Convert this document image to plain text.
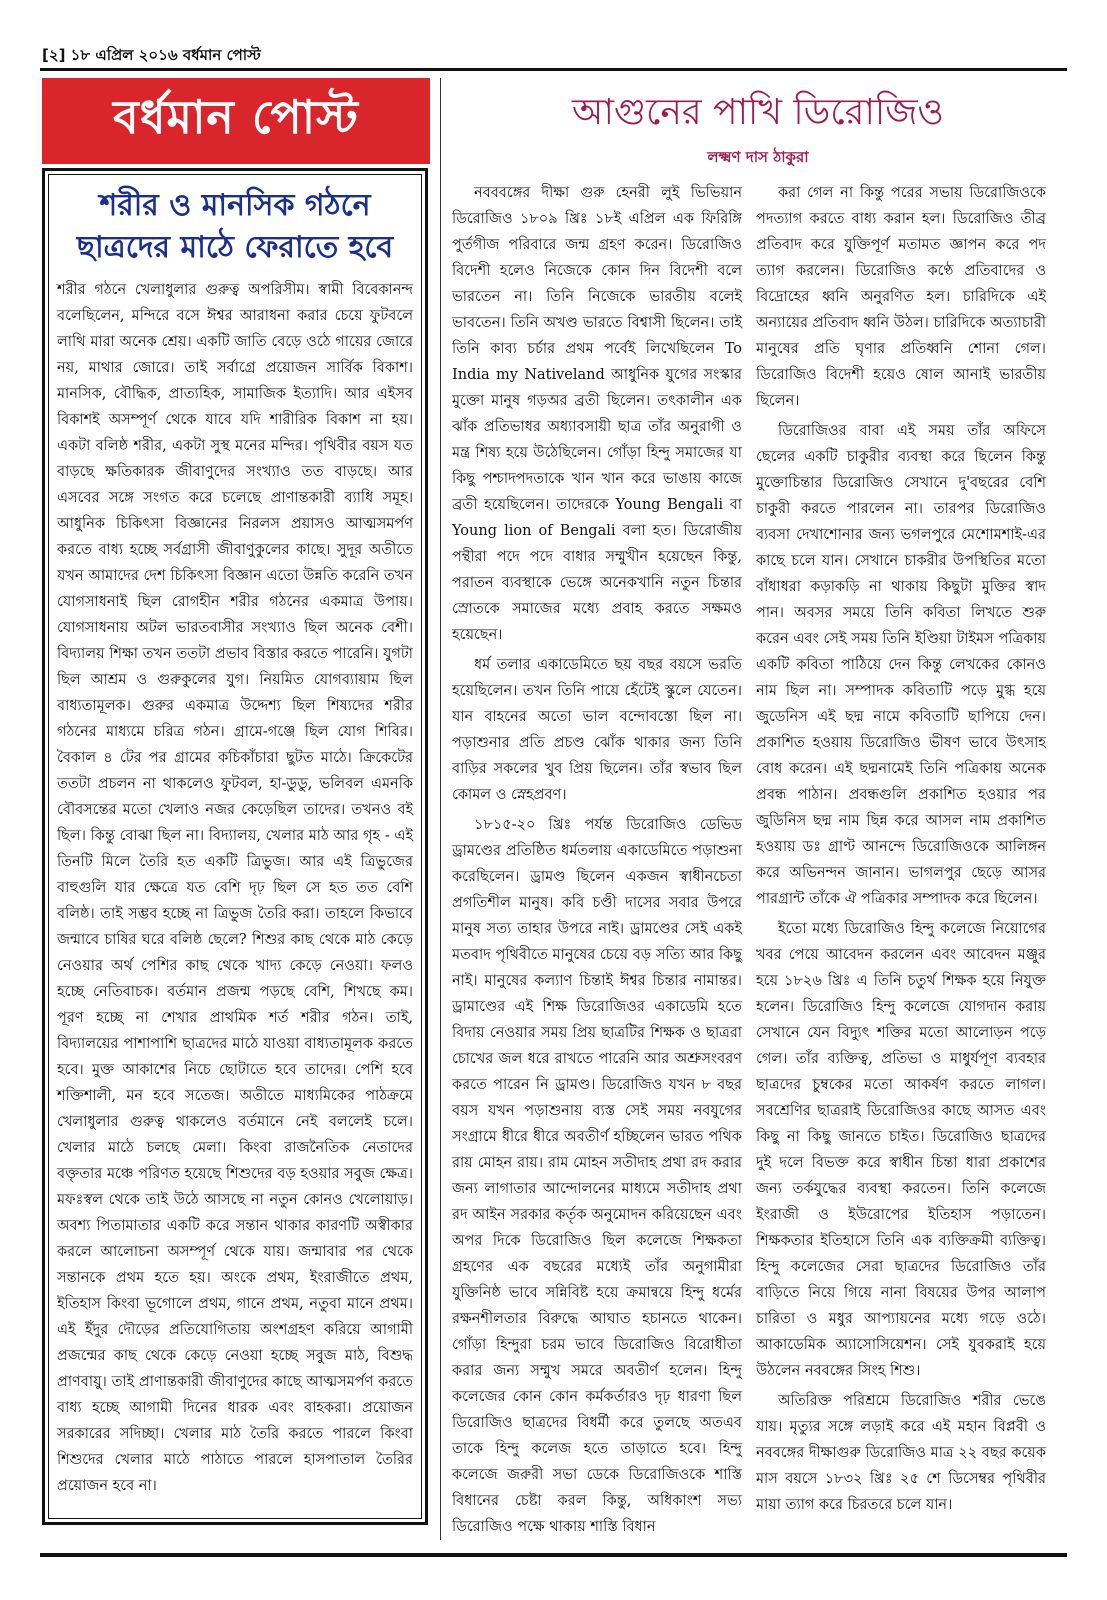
[২] ১৮ এপ্রিল ২০১৬ বর্ধমান পোস্ট
বর্ধমান পোস্ট
শরীর ও মানসিক গঠনে
ছাত্রদের মাঠে ফেরাতে হবে
শরীর গঠনে খেলাধুলার গুরুত্ব অপরিসীম। স্বামী বিবেকানন্দ বলেছিলেন, মন্দিরে বসে ঈশ্বর আরাধনা করার চেয়ে ফুটবলে লাথি মারা অনেক শ্রেয়। একটি জাতি বেড়ে ওঠে গায়ের জোরে নয়, মাথার জোরে। তাই সর্বাগ্রে প্রয়োজন সার্বিক বিকাশ। মানসিক, বৌদ্ধিক, প্রাত্যহিক, সামাজিক ইত্যাদি। আর এইসব বিকাশই অসম্পূর্ণ থেকে যাবে যদি শারীরিক বিকাশ না হয়। একটা বলিষ্ঠ শরীর, একটা সুস্থ মনের মন্দির। পৃথিবীর বয়স যত বাড়ছে ক্ষতিকারক জীবাণুদের সংখ্যাও তত বাড়ছে। আর এসবের সঙ্গে সংগত করে চলেছে প্রাণান্তকারী ব্যাধি সমূহ। আধুনিক চিকিৎসা বিজ্ঞানের নিরলস প্রয়াসও আত্মসমর্পণ করতে বাধ্য হচ্ছে সর্বগ্রাসী জীবাণুকুলের কাছে। সুদূর অতীতে যখন আমাদের দেশ চিকিৎসা বিজ্ঞান এতো উন্নতি করেনি তখন যোগসাধনাই ছিল রোগহীন শরীর গঠনের একমাত্র উপায়। যোগসাধনায় অটল ভারতবাসীর সংখ্যাও ছিল অনেক বেশী। বিদ্যালয় শিক্ষা তখন ততটা প্রভাব বিস্তার করতে পারেনি। যুগটা ছিল আশ্রম ও গুরুকুলের যুগ। নিয়মিত যোগব্যায়াম ছিল বাধ্যতামূলক। গুরুর একমাত্র উদ্দেশ্য ছিল শিষ্যদের শরীর গঠনের মাধ্যমে চরিত্র গঠন। গ্রামে-গঞ্জে ছিল যোগ শিবির। বৈকাল ৪ টের পর গ্রামের কচিকাঁচারা ছুটত মাঠে। ক্রিকেটের ততটা প্রচলন না থাকলেও ফুটবল, হা-ডুডু, ভলিবল এমনকি বৌবসন্তের মতো খেলাও নজর কেড়েছিল তাদের। তখনও বই ছিল। কিন্তু বোঝা ছিল না। বিদ্যালয়, খেলার মাঠ আর গৃহ - এই তিনটি মিলে তৈরি হত একটি ত্রিভুজ। আর এই ত্রিভুজের বাহুগুলি যার ক্ষেত্রে যত বেশি দৃঢ় ছিল সে হত তত বেশি বলিষ্ঠ। তাই সম্ভব হচ্ছে না ত্রিভুজ তৈরি করা। তাহলে কিভাবে জন্মাবে চাষির ঘরে বলিষ্ঠ ছেলে? শিশুর কাছ থেকে মাঠ কেড়ে নেওয়ার অর্থ পেশির কাছ থেকে খাদ্য কেড়ে নেওয়া। ফলও হচ্ছে নেতিবাচক। বর্তমান প্রজন্ম পড়ছে বেশি, শিখছে কম। পূরণ হচ্ছে না শেখার প্রাথমিক শর্ত শরীর গঠন। তাই, বিদ্যালয়ের পাশাপাশি ছাত্রদের মাঠে যাওয়া বাধ্যতামূলক করতে হবে। মুক্ত আকাশের নিচে ছোটাতে হবে তাদের। পেশি হবে শক্তিশালী, মন হবে সতেজ। অতীতে মাধ্যমিকের পাঠক্রমে খেলাধুলার গুরুত্ব থাকলেও বর্তমানে নেই বললেই চলে। খেলার মাঠে চলছে মেলা। কিংবা রাজনৈতিক নেতাদের বক্তৃতার মঞ্চে পরিণত হয়েছে শিশুদের বড় হওয়ার সবুজ ক্ষেত্র। মফঃস্বল থেকে তাই উঠে আসছে না নতুন কোনও খেলোয়াড়। অবশ্য পিতামাতার একটি করে সন্তান থাকার কারণটি অস্বীকার করলে আলোচনা অসম্পূর্ণ থেকে যায়। জন্মাবার পর থেকে সন্তানকে প্রথম হতে হয়। অংকে প্রথম, ইংরাজীতে প্রথম, ইতিহাস কিংবা ভূগোলে প্রথম, গানে প্রথম, নতুবা মানে প্রথম। এই ইঁদুর দৌড়ের প্রতিযোগিতায় অংশগ্রহণ করিয়ে আগামী প্রজন্মের কাছ থেকে কেড়ে নেওয়া হচ্ছে সবুজ মাঠ, বিশুদ্ধ প্রাণবায়ু। তাই প্রাণান্তকারী জীবাণুদের কাছে আত্মসমর্পণ করতে বাধ্য হচ্ছে আগামী দিনের ধারক এবং বাহকরা। প্রয়োজন সরকারের সদিচ্ছা। খেলার মাঠ তৈরি করতে পারলে কিংবা শিশুদের খেলার মাঠে পাঠাতে পারলে হাসপাতাল তৈরির প্রয়োজন হবে না।
আগুনের পাখি ডিরোজিও
লক্ষ্মণ দাস ঠাকুরা

নবববঙ্গের দীক্ষা গুরু হেনরী লুই ভিভিয়ান ডিরোজিও ১৮০৯ খ্রিঃ ১৮ই এপ্রিল এক ফিরিঙ্গি পুর্তগীজ পরিবারে জন্ম গ্রহণ করেন। ডিরোজিও বিদেশী হলেও নিজেকে কোন দিন বিদেশী বলে ভারতেন না। তিনি নিজেকে ভারতীয় বলেই ভাবতেন। তিনি অখণ্ড ভারতে বিশ্বাসী ছিলেন। তাই তিনি কাব্য চর্চার প্রথম পর্বেই লিখেছিলেন To India my Nativeland আধুনিক যুগের সংস্কার মুক্তো মানুষ গড়অর ব্রতী ছিলেন। তৎকালীন এক ঝাঁক প্রতিভাধর অধ্যাবসায়ী ছাত্র তাঁর অনুরাগী ও মন্ত্র শিষ্য হয়ে উঠেছিলেন। গোঁড়া হিন্দু সমাজের যা কিছু পশ্চাদপদতাকে খান খান করে ভাঙায় কাজে ব্রতী হয়েছিলেন। তাদেরকে Young Bengali বা Young lion of Bengali বলা হত। ডিরোজীয় পন্থীরা পদে পদে বাধার সম্মুখীন হয়েছেন কিন্তু, পরাতন ব্যবস্থাকে ভেঙ্গে অনেকখানি নতুন চিন্তার স্রোতকে সমাজের মধ্যে প্রবাহ করতে সক্ষমও হয়েছেন।

ধর্ম তলার একাডেমিতে ছয় বছর বয়সে ভরতি হয়েছিলেন। তখন তিনি পায়ে হেঁটেই স্কুলে যেতেন। যান বাহনের অতো ভাল বন্দোবস্তো ছিল না। পড়াশুনার প্রতি প্রচণ্ড ঝোঁক থাকার জন্য তিনি বাড়ির সকলের খুব প্রিয় ছিলেন। তাঁর স্বভাব ছিল কোমল ও স্নেহপ্রবণ।

১৮১৫-২০ খ্রিঃ পর্যন্ত ডিরোজিও ডেভিড ড্রামণ্ডের প্রতিষ্ঠিত ধর্মতলায় একাডেমিতে পড়াশুনা করেছিলেন। ড্রামণ্ড ছিলেন একজন স্বাধীনচেতা প্রগতিশীল মানুষ। কবি চণ্ডী দাসের সবার উপরে মানুষ সত্য তাহার উপরে নাই। ড্রামণ্ডের সেই একই মতবাদ পৃথিবীতে মানুষের চেয়ে বড় সত্যি আর কিছু নাই। মানুষের কল্যাণ চিন্তাই ঈশ্বর চিন্তার নামান্তর। ড্রামাণ্ডের এই শিক্ষ ডিরোজিওর একাডেমি হতে বিদায় নেওয়ার সময় প্রিয় ছাত্রটির শিক্ষক ও ছাত্ররা চোখের জল ধরে রাখতে পারেনি আর অশ্রুসংবরণ করতে পারেন নি ড্রামণ্ড। ডিরোজিও যখন ৮ বছর বয়স যখন পড়াশুনায় ব্যস্ত সেই সময় নবযুগের সংগ্রামে ধীরে ধীরে অবতীর্ণ হচ্ছিলেন ভারত পথিক রায় মোহন রায়। রাম মোহন সতীদাহ প্রথা রদ করার জন্য লাগাতার আন্দোলনের মাধ্যমে সতীদাহ প্রথা রদ আইন সরকার কর্তৃক অনুমোদন করিয়েছেন এবং অপর দিকে ডিরোজিও ছিল কলেজে শিক্ষকতা গ্রহণের এক বছরের মধ্যেই তাঁর অনুগামীরা যুক্তিনিষ্ঠ ভাবে সন্নিবিষ্ট হয়ে ক্রমান্বয়ে হিন্দু ধর্মের রক্ষনশীলতার বিরুদ্ধে আঘাত হচানতে থাকেন। গোঁড়া হিন্দুরা চরম ভাবে ডিরোজিও বিরোধীতা করার জন্য সম্মুখ সমরে অবতীর্ণ হলেন। হিন্দু কলেজের কোন কোন কর্মকর্তারও দৃঢ় ধারণা ছিল ডিরোজিও ছাত্রদের বিধর্মী করে তুলছে অতএব তাকে হিন্দু কলেজ হতে তাড়াতে হবে। হিন্দু কলেজে জরুরী সভা ডেকে ডিরোজিওকে শাস্তি বিধানের চেষ্টা করল কিন্তু, অধিকাংশ সভ্য ডিরোজিও পক্ষে থাকায় শাস্তি বিধান

করা গেল না কিন্তু পরের সভায় ডিরোজিওকে পদত্যাগ করতে বাধ্য করান হল। ডিরোজিও তীব্র প্রতিবাদ করে যুক্তিপূর্ণ মতামত জ্ঞাপন করে পদ ত্যাগ করলেন। ডিরোজিও কণ্ঠে প্রতিবাদের ও বিদ্রোহের ধ্বনি অনুরণিত হল। চারিদিকে এই অন্যায়ের প্রতিবাদ ধ্বনি উঠল। চারিদিকে অত্যাচারী মানুষের প্রতি ঘৃণার প্রতিধ্বনি শোনা গেল। ডিরোজিও বিদেশী হয়েও ষোল আনাই ভারতীয় ছিলেন।

ডিরোজিওর বাবা এই সময় তাঁর অফিসে ছেলের একটি চাকুরীর ব্যবস্থা করে ছিলেন কিন্তু মুক্তোচিন্তার ডিরোজিও সেখানে দু'বছরের বেশি চাকুরী করতে পারলেন না। তারপর ডিরোজিও ব্যবসা দেখাশোনার জন্য ভগলপুরে মেশোমশাই-এর কাছে চলে যান। সেখানে চাকরীর উপস্থিতির মতো বাঁধাধরা কড়াকড়ি না থাকায় কিছুটা মুক্তির স্বাদ পান। অবসর সময়ে তিনি কবিতা লিখতে শুরু করেন এবং সেই সময় তিনি ইণ্ডিয়া টাইমস পত্রিকায় একটি কবিতা পাঠিয়ে দেন কিন্তু লেখকের কোনও নাম ছিল না। সম্পাদক কবিতাটি পড়ে মুগ্ধ হয়ে জুডেনিস এই ছদ্ম নামে কবিতাটি ছাপিয়ে দেন। প্রকাশিত হওয়ায় ডিরোজিও ভীষণ ভাবে উৎসাহ বোধ করেন। এই ছদ্মনামেই তিনি পত্রিকায় অনেক প্রবন্ধ পাঠান। প্রবন্ধগুলি প্রকাশিত হওয়ার পর জুডিনিস ছদ্ম নাম ছিন্ন করে আসল নাম প্রকাশিত হওয়ায় ডঃ গ্রাণ্ট আনন্দে ডিরোজিওকে আলিঙ্গন করে অভিনন্দন জানান। ভাগলপুর ছেড়ে আসর পারগ্রান্ট তাঁকে ঐ পত্রিকার সম্পাদক করে ছিলেন।

ইতো মধ্যে ডিরোজিও হিন্দু কলেজে নিয়োগের খবর পেয়ে আবেদন করলেন এবং আবেদন মঞ্জুর হয়ে ১৮২৬ খ্রিঃ এ তিনি চতুর্থ শিক্ষক হয়ে নিযুক্ত হলেন। ডিরোজিও হিন্দু কলেজে যোগদান করায় সেখানে যেন বিদ্যুৎ শক্তির মতো আলোড়ন পড়ে গেল। তাঁর ব্যক্তিত্ব, প্রতিভা ও মাধুর্যপূণ ব্যবহার ছাত্রদের চুম্বকের মতো আকর্ষণ করতে লাগল। সবশ্রেণির ছাত্ররাই ডিরোজিওর কাছে আসত এবং কিছু না কিছু জানতে চাইত। ডিরোজিও ছাত্রদের দুই দলে বিভক্ত করে স্বাধীন চিন্তা ধারা প্রকাশের জন্য তর্কযুদ্ধের ব্যবস্থা করতেন। তিনি কলেজে ইংরাজী ও ইউরোপের ইতিহাস পড়াতেন। শিক্ষকতার ইতিহাসে তিনি এক ব্যক্তিক্রমী ব্যক্তিত্ব। হিন্দু কলেজের সেরা ছাত্রদের ডিরোজিও তাঁর বাড়িতে নিয়ে গিয়ে নানা বিষয়ের উপর আলাপ চারিতা ও মধুর আপ্যায়নের মধ্যে গড়ে ওঠে। আকাডেমিক অ্যাসোসিয়েশন। সেই যুবকরাই হয়ে উঠলেন নববঙ্গের সিংহ শিশু।

অতিরিক্ত পরিশ্রমে ডিরোজিও শরীর ভেঙে যায়। মৃত্যুর সঙ্গে লড়াই করে এই মহান বিপ্লবী ও নববঙ্গের দীক্ষাগুরু ডিরোজিও মাত্র ২২ বছর কয়েক মাস বয়সে ১৮৩২ খ্রিঃ ২৫ শে ডিসেম্বর পৃথিবীর মায়া ত্যাগ করে চিরতরে চলে যান।
